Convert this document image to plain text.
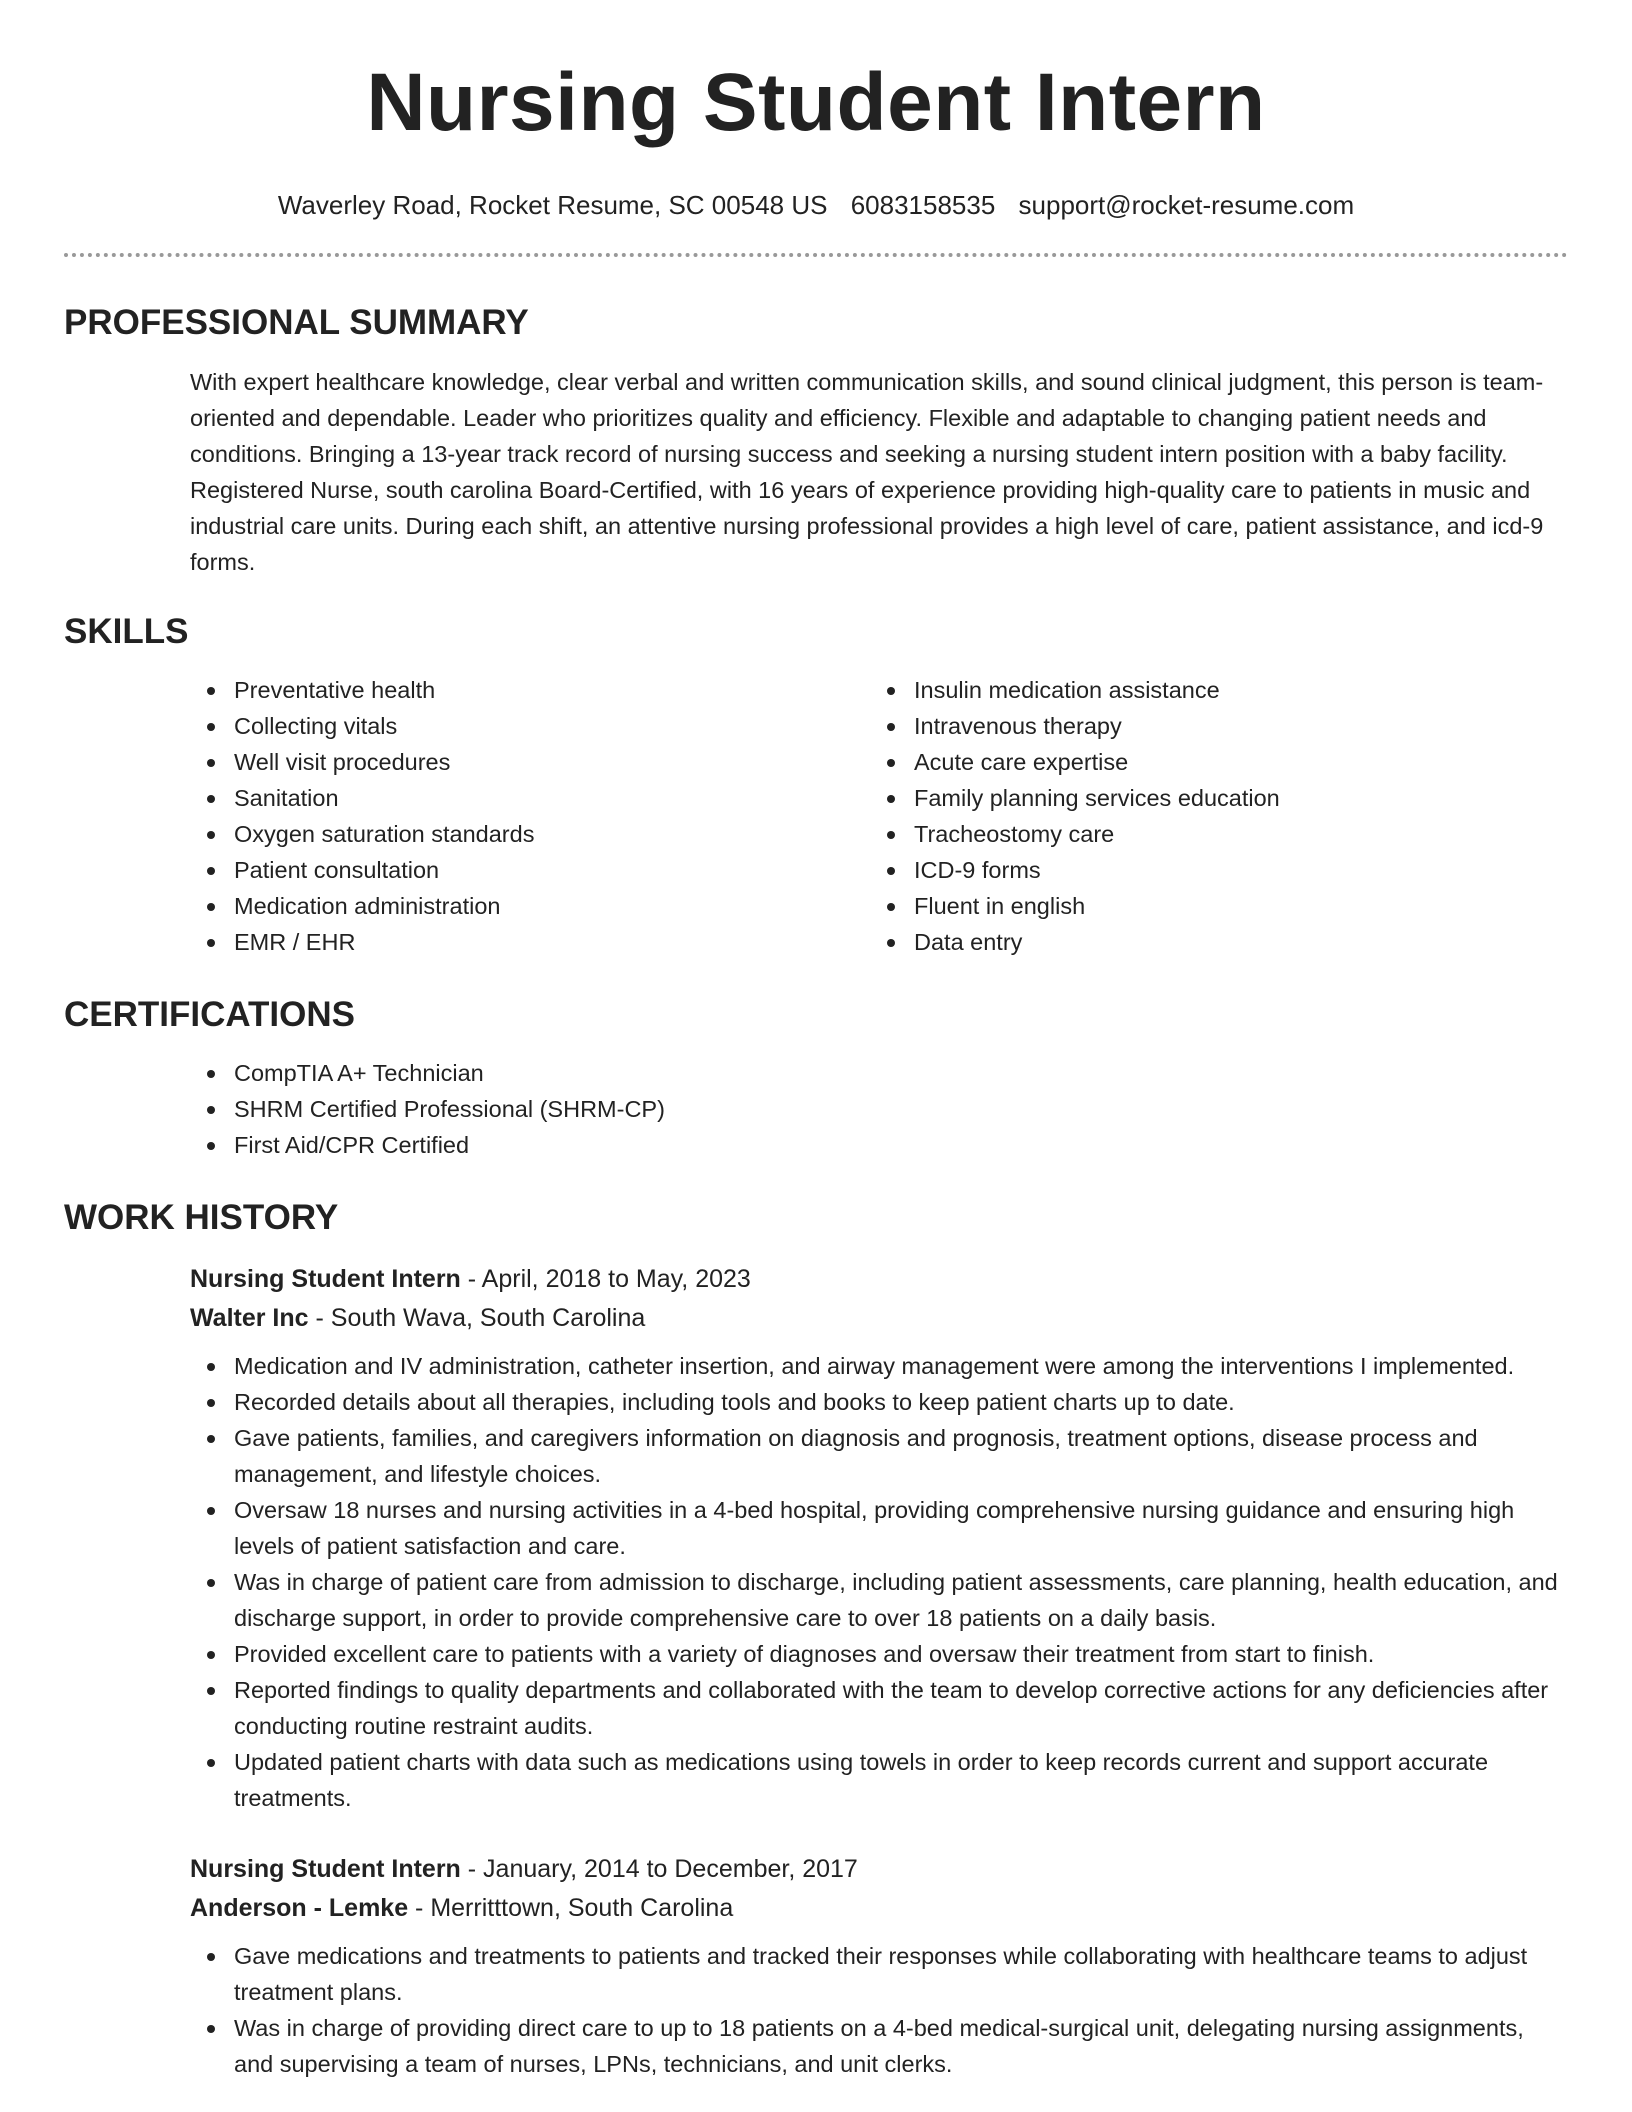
Nursing Student Intern
Waverley Road, Rocket Resume, SC 00548 US 6083158535 support@rocket-resume.com
PROFESSIONAL SUMMARY

With expert healthcare knowledge, clear verbal and written communication skills, and sound clinical judgment, this person is team-oriented and dependable. Leader who prioritizes quality and efficiency. Flexible and adaptable to changing patient needs and conditions. Bringing a 13-year track record of nursing success and seeking a nursing student intern position with a baby facility. Registered Nurse, south carolina Board-Certified, with 16 years of experience providing high-quality care to patients in music and industrial care units. During each shift, an attentive nursing professional provides a high level of care, patient assistance, and icd-9 forms.

SKILLS
Preventative health
Collecting vitals
Well visit procedures
Sanitation
Oxygen saturation standards
Patient consultation
Medication administration
EMR / EHR
Insulin medication assistance
Intravenous therapy
Acute care expertise
Family planning services education
Tracheostomy care
ICD-9 forms
Fluent in english
Data entry
CERTIFICATIONS
CompTIA A+ Technician
SHRM Certified Professional (SHRM-CP)
First Aid/CPR Certified
WORK HISTORY
Nursing Student Intern - April, 2018 to May, 2023
Walter Inc - South Wava, South Carolina
Medication and IV administration, catheter insertion, and airway management were among the interventions I implemented.
Recorded details about all therapies, including tools and books to keep patient charts up to date.
Gave patients, families, and caregivers information on diagnosis and prognosis, treatment options, disease process and management, and lifestyle choices.
Oversaw 18 nurses and nursing activities in a 4-bed hospital, providing comprehensive nursing guidance and ensuring high levels of patient satisfaction and care.
Was in charge of patient care from admission to discharge, including patient assessments, care planning, health education, and discharge support, in order to provide comprehensive care to over 18 patients on a daily basis.
Provided excellent care to patients with a variety of diagnoses and oversaw their treatment from start to finish.
Reported findings to quality departments and collaborated with the team to develop corrective actions for any deficiencies after conducting routine restraint audits.
Updated patient charts with data such as medications using towels in order to keep records current and support accurate treatments.
Nursing Student Intern - January, 2014 to December, 2017
Anderson - Lemke - Merritttown, South Carolina
Gave medications and treatments to patients and tracked their responses while collaborating with healthcare teams to adjust treatment plans.
Was in charge of providing direct care to up to 18 patients on a 4-bed medical-surgical unit, delegating nursing assignments, and supervising a team of nurses, LPNs, technicians, and unit clerks.
